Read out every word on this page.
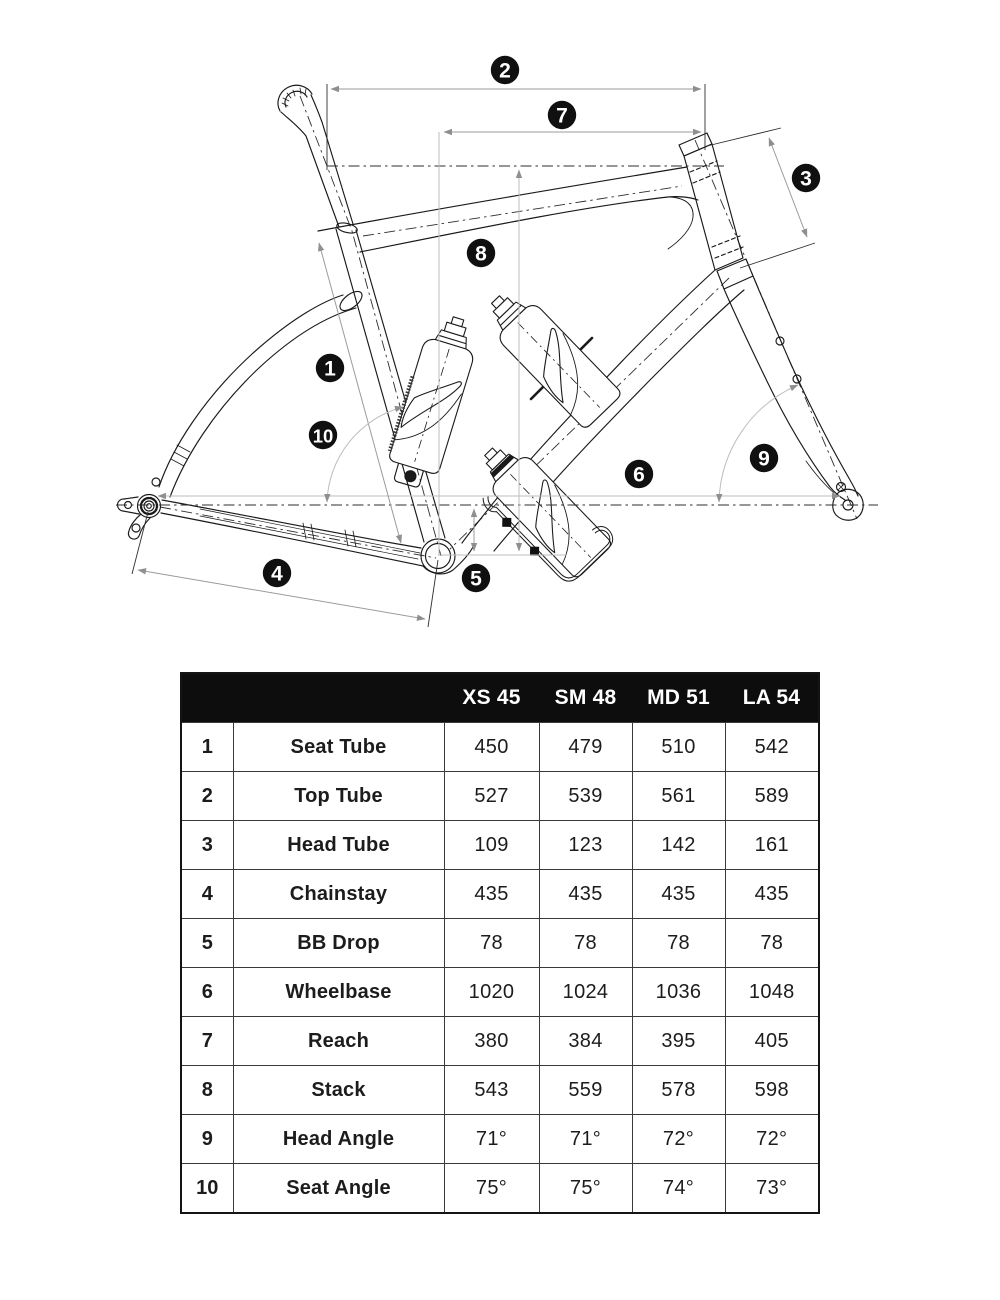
1
2
3
4	5
6
7
8
9
10
		XS 45	SM 48	MD 51	LA 54
1	Seat Tube	450	479	510	542
2	Top Tube	527	539	561	589
3	Head Tube	109	123	142	161
4	Chainstay	435	435	435	435
5	BB Drop	78	78	78	78
6	Wheelbase	1020	1024	1036	1048
7	Reach	380	384	395	405
8	Stack	543	559	578	598
9	Head Angle	71°	71°	72°	72°
10	Seat Angle	75°	75°	74°	73°
